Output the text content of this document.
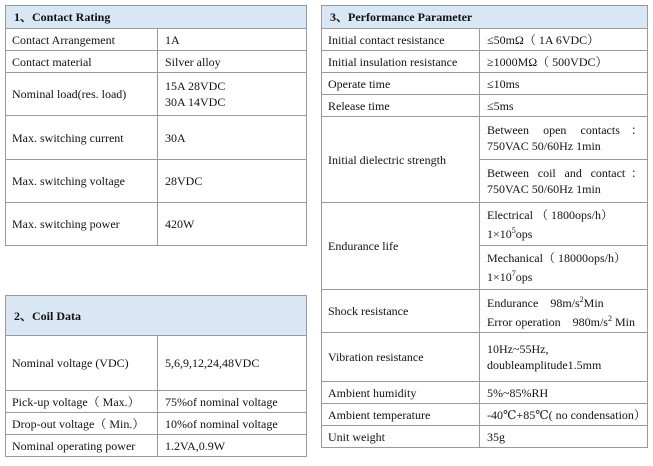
1、Contact Rating	
Contact Arrangement	1A
Contact material	Silver alloy
Nominal load(res. load)	15A 28VDC
30A 14VDC

Max. switching current	30A
Max. switching voltage	28VDC
Max. switching power	420W
2、Coil Data	
Nominal voltage (VDC)	5,6,9,12,24,48VDC
Pick-up voltage（ Max.）	75%of nominal voltage
Drop-out voltage（ Min.）	10%of nominal voltage
Nominal operating power	1.2VA,0.9W
3、Performance Parameter	
Initial contact resistance	≤50mΩ（ 1A 6VDC）
Initial insulation resistance	≥1000MΩ（ 500VDC）
Operate time	≤10ms
Release time	≤5ms
Initial dielectric strength	Between open contacts：
750VAC 50/60Hz 1min

	Between coil and contact：
750VAC 50/60Hz 1min

Endurance life	Electrical （ 1800ops/h）
$1\times 10^5ops$

	Mechanical（ 18000ops/h）
$1\times 10^7ops$

Shock resistance	Endurance $98m/s^2Min$
Error operation $980m/s^2$ Min

Vibration resistance	10Hz~55Hz,
doubleamplitude1.5mm

Ambient humidity	5%~85%RH
Ambient temperature	-40℃+85℃( no condensation）
Unit weight	35g
